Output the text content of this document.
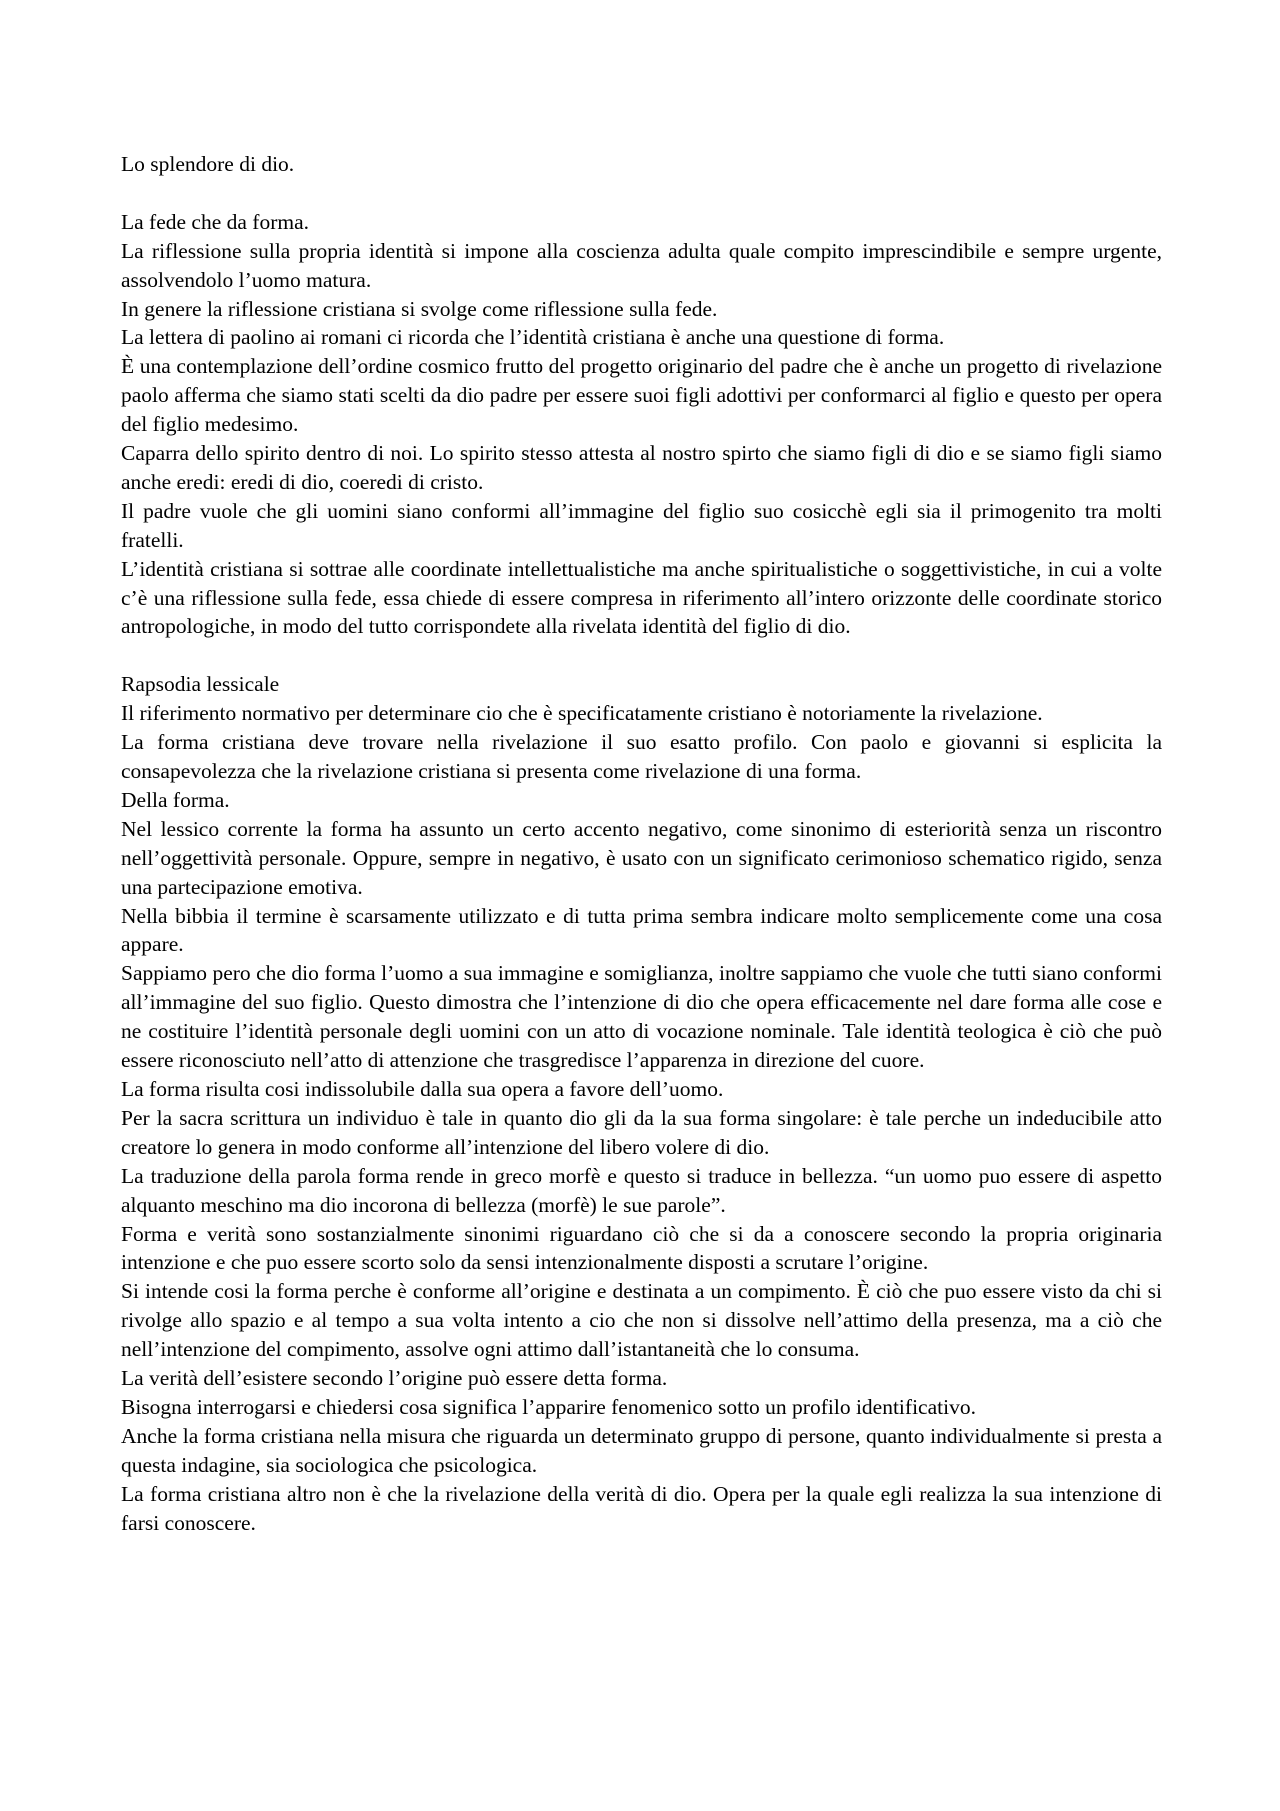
Lo splendore di dio.

La fede che da forma.

La riflessione sulla propria identità si impone alla coscienza adulta quale compito imprescindibile e sempre urgente, assolvendolo l’uomo matura.

In genere la riflessione cristiana si svolge come riflessione sulla fede.

La lettera di paolino ai romani ci ricorda che l’identità cristiana è anche una questione di forma.

È una contemplazione dell’ordine cosmico frutto del progetto originario del padre che è anche un progetto di rivelazione paolo afferma che siamo stati scelti da dio padre per essere suoi figli adottivi per conformarci al figlio e questo per opera del figlio medesimo.

Caparra dello spirito dentro di noi. Lo spirito stesso attesta al nostro spirto che siamo figli di dio e se siamo figli siamo anche eredi: eredi di dio, coeredi di cristo.

Il padre vuole che gli uomini siano conformi all’immagine del figlio suo cosicchè egli sia il primogenito tra molti fratelli.

L’identità cristiana si sottrae alle coordinate intellettualistiche ma anche spiritualistiche o soggettivistiche, in cui a volte c’è una riflessione sulla fede, essa chiede di essere compresa in riferimento all’intero orizzonte delle coordinate storico antropologiche, in modo del tutto corrispondete alla rivelata identità del figlio di dio.

Rapsodia lessicale

Il riferimento normativo per determinare cio che è specificatamente cristiano è notoriamente la rivelazione.

La forma cristiana deve trovare nella rivelazione il suo esatto profilo. Con paolo e giovanni si esplicita la consapevolezza che la rivelazione cristiana si presenta come rivelazione di una forma.

Della forma.

Nel lessico corrente la forma ha assunto un certo accento negativo, come sinonimo di esteriorità senza un riscontro nell’oggettività personale. Oppure, sempre in negativo, è usato con un significato cerimonioso schematico rigido, senza una partecipazione emotiva.

Nella bibbia il termine è scarsamente utilizzato e di tutta prima sembra indicare molto semplicemente come una cosa appare.

Sappiamo pero che dio forma l’uomo a sua immagine e somiglianza, inoltre sappiamo che vuole che tutti siano conformi all’immagine del suo figlio. Questo dimostra che l’intenzione di dio che opera efficacemente nel dare forma alle cose e ne costituire l’identità personale degli uomini con un atto di vocazione nominale. Tale identità teologica è ciò che può essere riconosciuto nell’atto di attenzione che trasgredisce l’apparenza in direzione del cuore.

La forma risulta cosi indissolubile dalla sua opera a favore dell’uomo.

Per la sacra scrittura un individuo è tale in quanto dio gli da la sua forma singolare: è tale perche un indeducibile atto creatore lo genera in modo conforme all’intenzione del libero volere di dio.

La traduzione della parola forma rende in greco morfè e questo si traduce in bellezza. “un uomo puo essere di aspetto alquanto meschino ma dio incorona di bellezza (morfè) le sue parole”.

Forma e verità sono sostanzialmente sinonimi riguardano ciò che si da a conoscere secondo la propria originaria intenzione e che puo essere scorto solo da sensi intenzionalmente disposti a scrutare l’origine.

Si intende cosi la forma perche è conforme all’origine e destinata a un compimento. È ciò che puo essere visto da chi si rivolge allo spazio e al tempo a sua volta intento a cio che non si dissolve nell’attimo della presenza, ma a ciò che nell’intenzione del compimento, assolve ogni attimo dall’istantaneità che lo consuma.

La verità dell’esistere secondo l’origine può essere detta forma.

Bisogna interrogarsi e chiedersi cosa significa l’apparire fenomenico sotto un profilo identificativo.

Anche la forma cristiana nella misura che riguarda un determinato gruppo di persone, quanto individualmente si presta a questa indagine, sia sociologica che psicologica.

La forma cristiana altro non è che la rivelazione della verità di dio. Opera per la quale egli realizza la sua intenzione di farsi conoscere.
